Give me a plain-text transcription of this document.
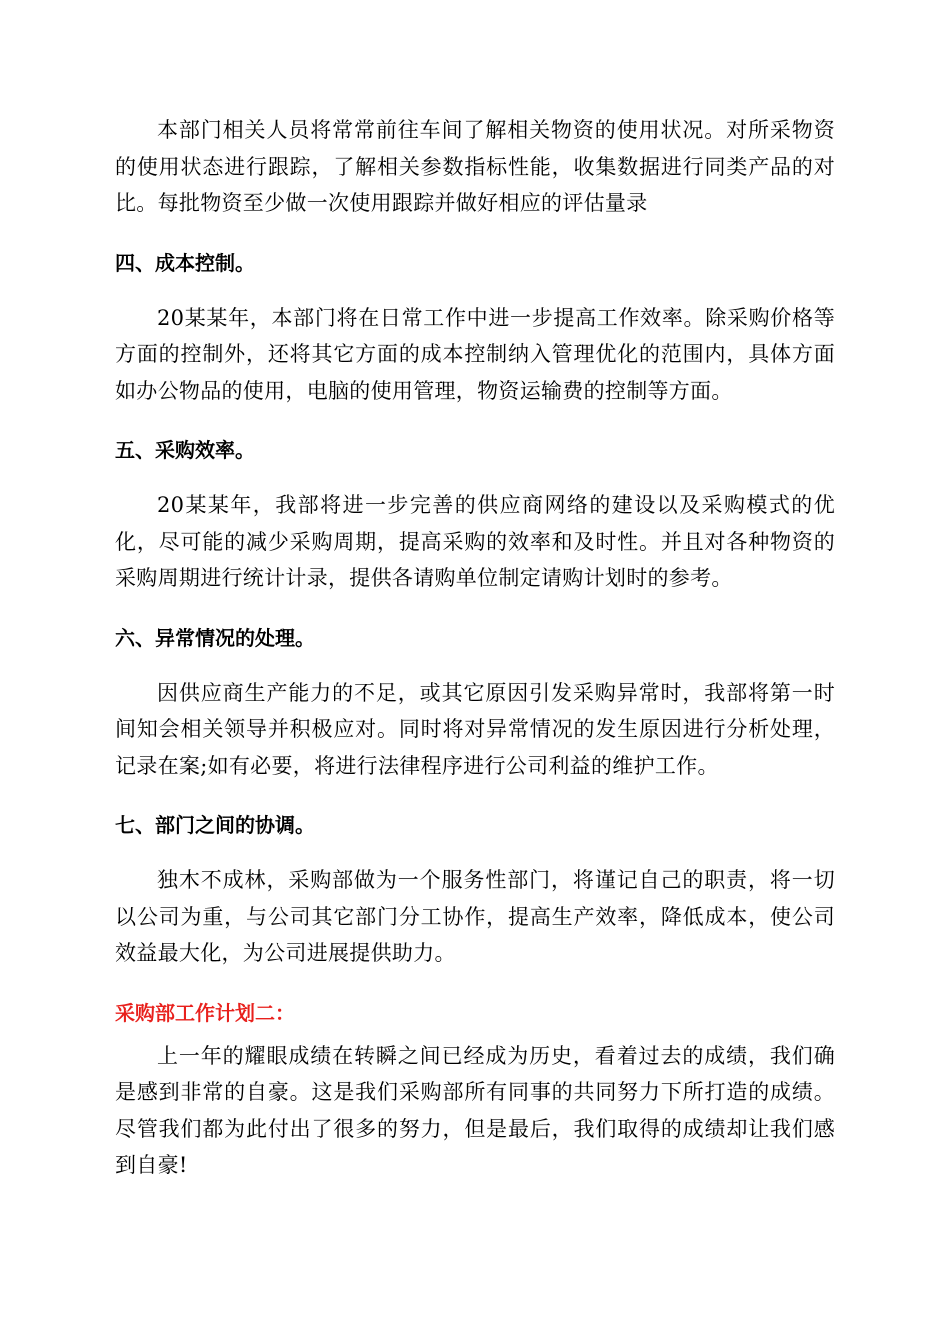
本部门相关人员将常常前往车间了解相关物资的使用状况。对所采物资的使用状态进行跟踪，了解相关参数指标性能，收集数据进行同类产品的对比。每批物资至少做一次使用跟踪并做好相应的评估量录

四、成本控制。

20某某年，本部门将在日常工作中进一步提高工作效率。除采购价格等方面的控制外，还将其它方面的成本控制纳入管理优化的范围内，具体方面如办公物品的使用，电脑的使用管理，物资运输费的控制等方面。

五、采购效率。

20某某年，我部将进一步完善的供应商网络的建设以及采购模式的优化，尽可能的减少采购周期，提高采购的效率和及时性。并且对各种物资的采购周期进行统计计录，提供各请购单位制定请购计划时的参考。

六、异常情况的处理。

因供应商生产能力的不足，或其它原因引发采购异常时，我部将第一时间知会相关领导并积极应对。同时将对异常情况的发生原因进行分析处理，记录在案;如有必要，将进行法律程序进行公司利益的维护工作。

七、部门之间的协调。

独木不成林，采购部做为一个服务性部门，将谨记自己的职责，将一切以公司为重，与公司其它部门分工协作，提高生产效率，降低成本，使公司效益最大化，为公司进展提供助力。

采购部工作计划二：

上一年的耀眼成绩在转瞬之间已经成为历史，看着过去的成绩，我们确是感到非常的自豪。这是我们采购部所有同事的共同努力下所打造的成绩。尽管我们都为此付出了很多的努力，但是最后，我们取得的成绩却让我们感到自豪!
